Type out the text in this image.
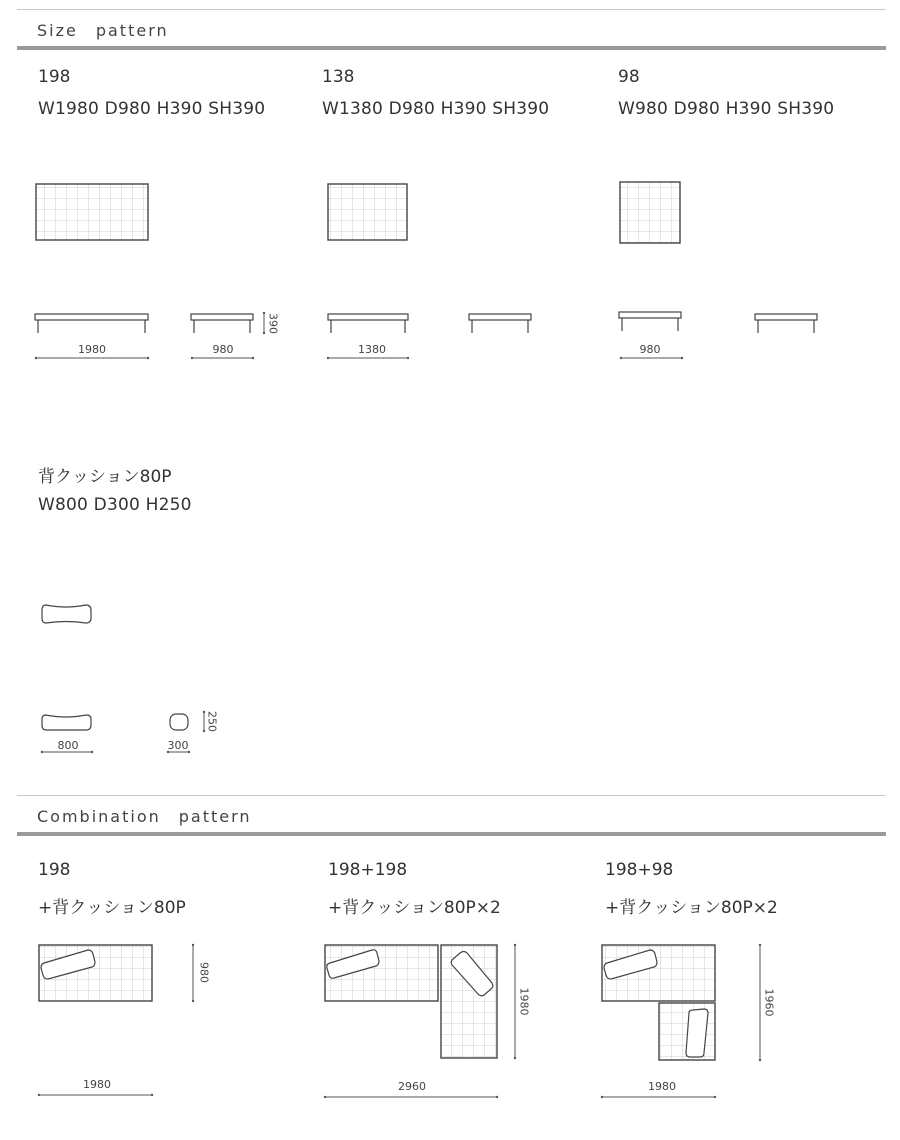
Size　pattern
198
W1980 D980 H390 SH390
138
W1380 D980 H390 SH390
98
W980 D980 H390 SH390
1980	980
390
1380	980
背クッション80P
W800 D300 H250
800	300
250
Combination　pattern
198
+背クッション80P
198+198
+背クッション80P×2
198+98
+背クッション80P×2
1980
980
2960
1980
1980
1960
